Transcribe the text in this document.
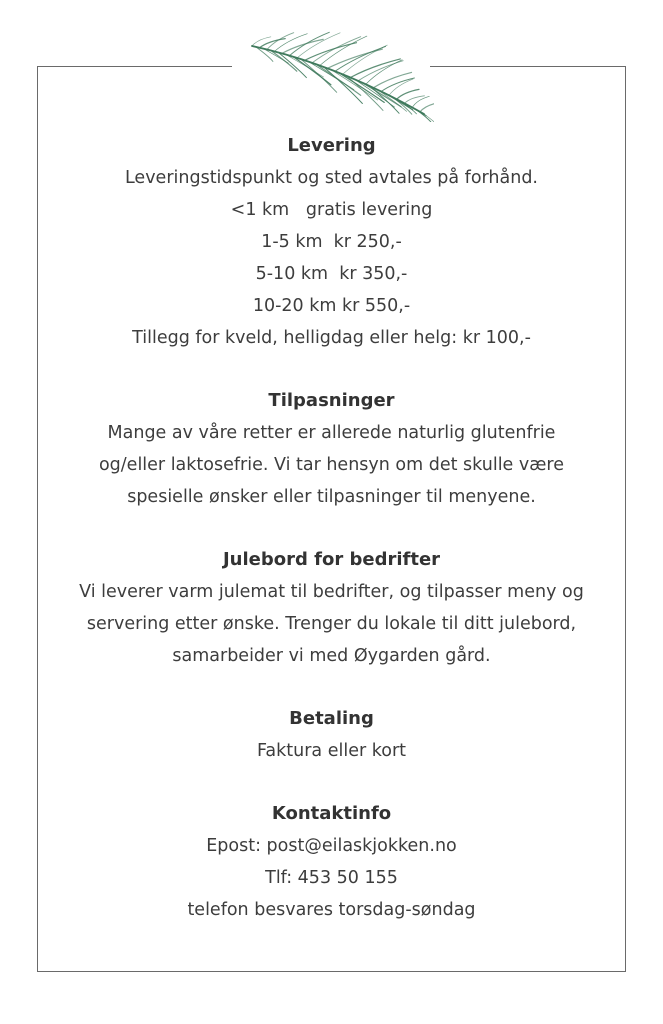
Levering
Leveringstidspunkt og sted avtales på forhånd.
<1 km   gratis levering
1-5 km  kr 250,-
5-10 km  kr 350,-
10-20 km kr 550,-
Tillegg for kveld, helligdag eller helg: kr 100,-
Tilpasninger
Mange av våre retter er allerede naturlig glutenfrie
og/eller laktosefrie. Vi tar hensyn om det skulle være
spesielle ønsker eller tilpasninger til menyene.
Julebord for bedrifter
Vi leverer varm julemat til bedrifter, og tilpasser meny og
servering etter ønske. Trenger du lokale til ditt julebord,
samarbeider vi med Øygarden gård.
Betaling
Faktura eller kort
Kontaktinfo
Epost: post@eilaskjokken.no
Tlf: 453 50 155
telefon besvares torsdag-søndag
